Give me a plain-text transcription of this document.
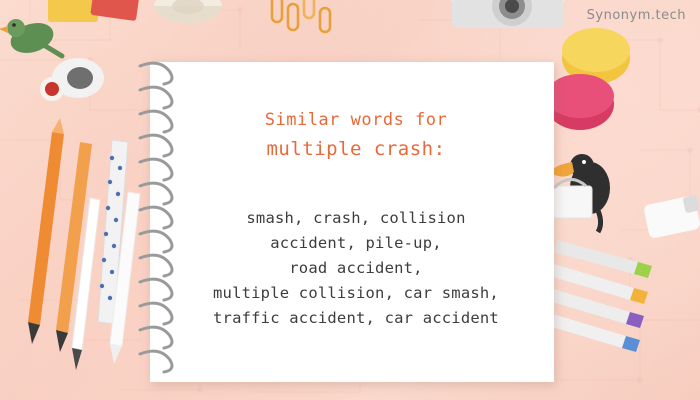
Similar words for
multiple crash:
smash, crash, collision
accident, pile-up,
road accident,
multiple collision, car smash,
traffic accident, car accident
Synonym.tech
